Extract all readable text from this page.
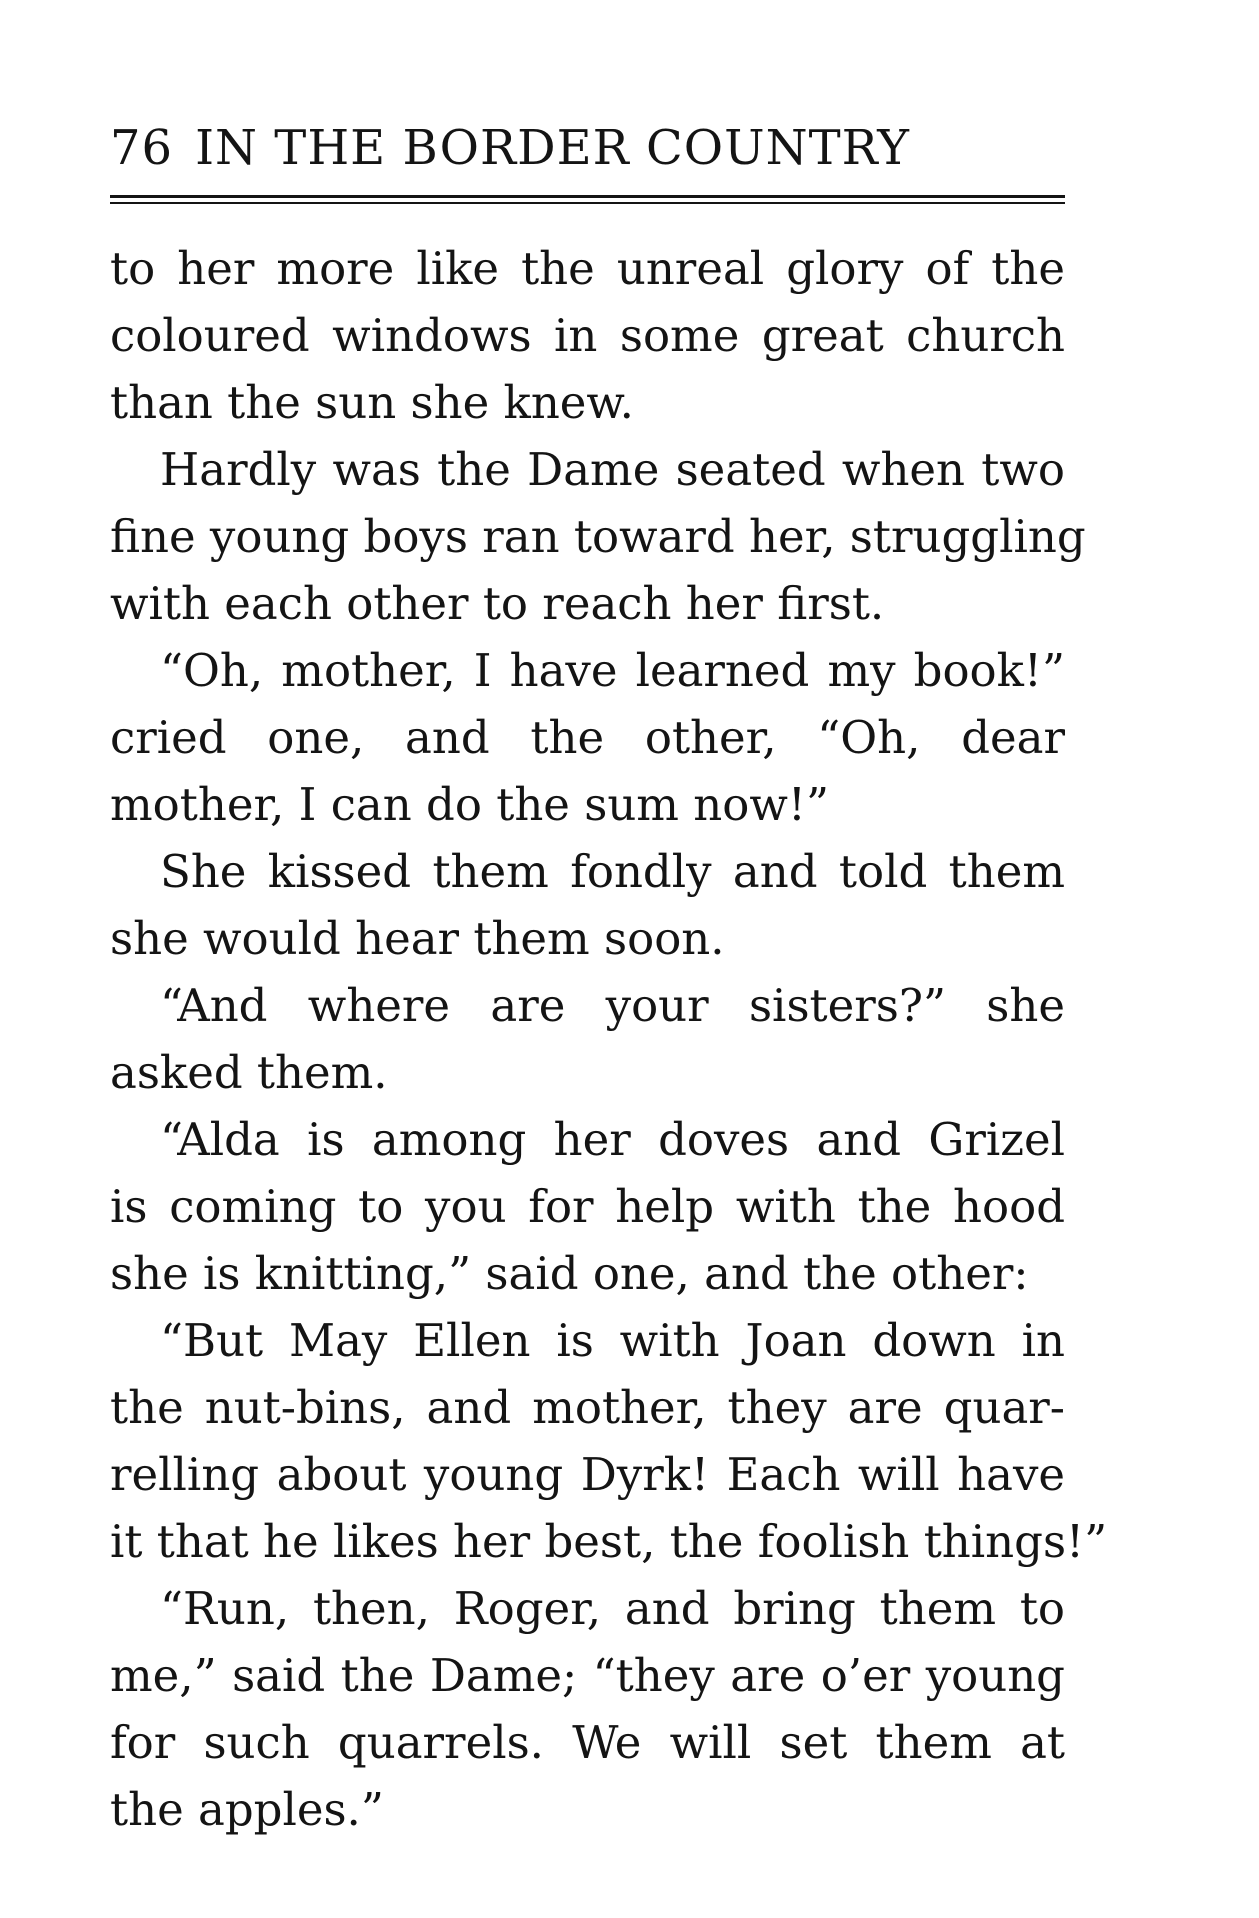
76 IN THE BORDER COUNTRY
to her more like the unreal glory of the
coloured windows in some great church
than the sun she knew.
Hardly was the Dame seated when two
fine young boys ran toward her, struggling
with each other to reach her first.
“Oh, mother, I have learned my book!”
cried one, and the other, “Oh, dear
mother, I can do the sum now!”
She kissed them fondly and told them
she would hear them soon.
“And where are your sisters?” she
asked them.
“Alda is among her doves and Grizel
is coming to you for help with the hood
she is knitting,” said one, and the other:
“But May Ellen is with Joan down in
the nut-bins, and mother, they are quar-
relling about young Dyrk! Each will have
it that he likes her best, the foolish things!”
“Run, then, Roger, and bring them to
me,” said the Dame; “they are o’er young
for such quarrels. We will set them at
the apples.”
